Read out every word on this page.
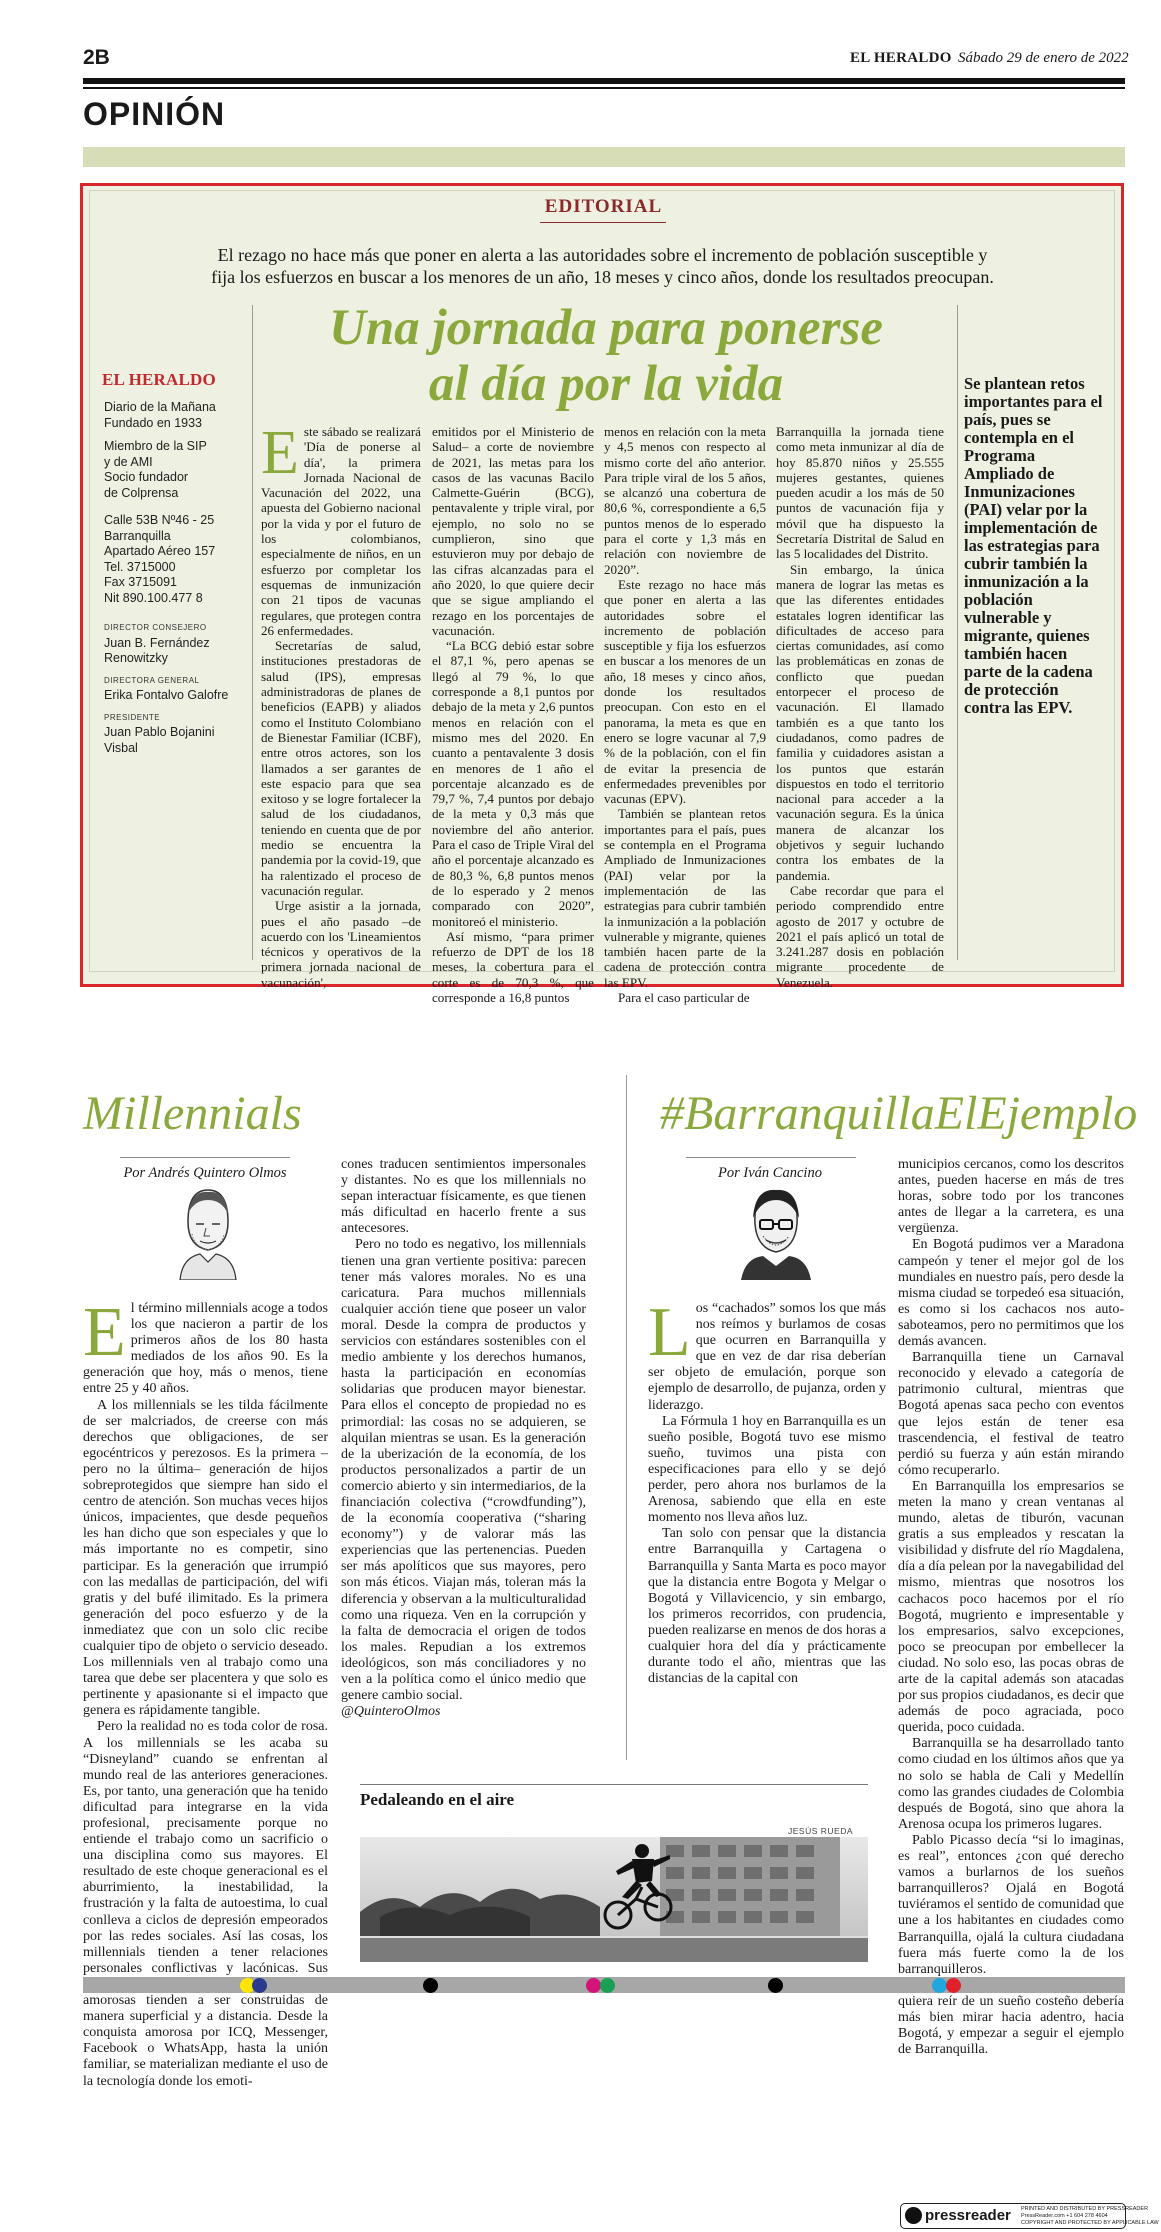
2B	EL HERALDO Sábado 29 de enero de 2022
OPINIÓN
EDITORIAL
El rezago no hace más que poner en alerta a las autoridades sobre el incremento de población susceptible y
fija los esfuerzos en buscar a los menores de un año, 18 meses y cinco años, donde los resultados preocupan.
Una jornada para ponerse
al día por la vida
EL HERALDO
Diario de la Mañana
Fundado en 1933
Miembro de la SIP
y de AMI
Socio fundador
de Colprensa
Calle 53B Nº46 - 25
Barranquilla
Apartado Aéreo 157
Tel. 3715000
Fax 3715091
Nit 890.100.477 8
DIRECTOR CONSEJERO
Juan B. Fernández
Renowitzky
DIRECTORA GENERAL
Erika Fontalvo Galofre
PRESIDENTE
Juan Pablo Bojanini
Visbal
E ste sábado se realizará 'Día de ponerse al día', la primera Jornada Nacional de Vacunación del 2022, una apuesta del Gobierno nacional por la vida y por el futuro de los colombianos, especialmente de niños, en un esfuerzo por completar los esquemas de inmunización con 21 tipos de vacunas regulares, que protegen contra 26 enfermedades.

Secretarías de salud, instituciones prestadoras de salud (IPS), empresas administradoras de planes de beneficios (EAPB) y aliados como el Instituto Colombiano de Bienestar Familiar (ICBF), entre otros actores, son los llamados a ser garantes de este espacio para que sea exitoso y se logre fortalecer la salud de los ciudadanos, teniendo en cuenta que de por medio se encuentra la pandemia por la covid-19, que ha ralentizado el proceso de vacunación regular.

Urge asistir a la jornada, pues el año pasado –de acuerdo con los 'Lineamientos técnicos y operativos de la primera jornada nacional de vacunación',

emitidos por el Ministerio de Salud– a corte de noviembre de 2021, las metas para los casos de las vacunas Bacilo Calmette-Guérin (BCG), pentavalente y triple viral, por ejemplo, no solo no se cumplieron, sino que estuvieron muy por debajo de las cifras alcanzadas para el año 2020, lo que quiere decir que se sigue ampliando el rezago en los porcentajes de vacunación.

“La BCG debió estar sobre el 87,1 %, pero apenas se llegó al 79 %, lo que corresponde a 8,1 puntos por debajo de la meta y 2,6 puntos menos en relación con el mismo mes del 2020. En cuanto a pentavalente 3 dosis en menores de 1 año el porcentaje alcanzado es de 79,7 %, 7,4 puntos por debajo de la meta y 0,3 más que noviembre del año anterior. Para el caso de Triple Viral del año el porcentaje alcanzado es de 80,3 %, 6,8 puntos menos de lo esperado y 2 menos comparado con 2020”, monitoreó el ministerio.

Así mismo, “para primer refuerzo de DPT de los 18 meses, la cobertura para el corte es de 70,3 %, que corresponde a 16,8 puntos

menos en relación con la meta y 4,5 menos con respecto al mismo corte del año anterior. Para triple viral de los 5 años, se alcanzó una cobertura de 80,6 %, correspondiente a 6,5 puntos menos de lo esperado para el corte y 1,3 más en relación con noviembre de 2020”.

Este rezago no hace más que poner en alerta a las autoridades sobre el incremento de población susceptible y fija los esfuerzos en buscar a los menores de un año, 18 meses y cinco años, donde los resultados preocupan. Con esto en el panorama, la meta es que en enero se logre vacunar al 7,9 % de la población, con el fin de evitar la presencia de enfermedades prevenibles por vacunas (EPV).

También se plantean retos importantes para el país, pues se contempla en el Programa Ampliado de Inmunizaciones (PAI) velar por la implementación de las estrategias para cubrir también la inmunización a la población vulnerable y migrante, quienes también hacen parte de la cadena de protección contra las EPV.

Para el caso particular de

Barranquilla la jornada tiene como meta inmunizar al día de hoy 85.870 niños y 25.555 mujeres gestantes, quienes pueden acudir a los más de 50 puntos de vacunación fija y móvil que ha dispuesto la Secretaría Distrital de Salud en las 5 localidades del Distrito.

Sin embargo, la única manera de lograr las metas es que las diferentes entidades estatales logren identificar las dificultades de acceso para ciertas comunidades, así como las problemáticas en zonas de conflicto que puedan entorpecer el proceso de vacunación. El llamado también es a que tanto los ciudadanos, como padres de familia y cuidadores asistan a los puntos que estarán dispuestos en todo el territorio nacional para acceder a la vacunación segura. Es la única manera de alcanzar los objetivos y seguir luchando contra los embates de la pandemia.

Cabe recordar que para el periodo comprendido entre agosto de 2017 y octubre de 2021 el país aplicó un total de 3.241.287 dosis en población migrante procedente de Venezuela.

Se plantean retos importantes para el país, pues se contempla en el Programa Ampliado de Inmunizaciones (PAI) velar por la implementación de las estrategias para cubrir también la inmunización a la población vulnerable y migrante, quienes también hacen parte de la cadena de protección contra las EPV.
Millennials
Por Andrés Quintero Olmos
E l término millennials acoge a todos los que nacieron a partir de los primeros años de los 80 hasta mediados de los años 90. Es la generación que hoy, más o menos, tiene entre 25 y 40 años.

A los millennials se les tilda fácilmente de ser malcriados, de creerse con más derechos que obligaciones, de ser egocéntricos y perezosos. Es la primera –pero no la última– generación de hijos sobreprotegidos que siempre han sido el centro de atención. Son muchas veces hijos únicos, impacientes, que desde pequeños les han dicho que son especiales y que lo más importante no es competir, sino participar. Es la generación que irrumpió con las medallas de participación, del wifi gratis y del bufé ilimitado. Es la primera generación del poco esfuerzo y de la inmediatez que con un solo clic recibe cualquier tipo de objeto o servicio deseado. Los millennials ven al trabajo como una tarea que debe ser placentera y que solo es pertinente y apasionante si el impacto que genera es rápidamente tangible.

Pero la realidad no es toda color de rosa. A los millennials se les acaba su “Disneyland” cuando se enfrentan al mundo real de las anteriores generaciones. Es, por tanto, una generación que ha tenido dificultad para integrarse en la vida profesional, precisamente porque no entiende el trabajo como un sacrificio o una disciplina como sus mayores. El resultado de este choque generacional es el aburrimiento, la inestabilidad, la frustración y la falta de autoestima, lo cual conlleva a ciclos de depresión empeorados por las redes sociales. Así las cosas, los millennials tienden a tener relaciones personales conflictivas y lacónicas. Sus amorosas tienden a ser construidas de manera superficial y a distancia. Desde la conquista amorosa por ICQ, Messenger, Facebook o WhatsApp, hasta la unión familiar, se materializan mediante el uso de la tecnología donde los emoti-

cones traducen sentimientos impersonales y distantes. No es que los millennials no sepan interactuar físicamente, es que tienen más dificultad en hacerlo frente a sus antecesores.

Pero no todo es negativo, los millennials tienen una gran vertiente positiva: parecen tener más valores morales. No es una caricatura. Para muchos millennials cualquier acción tiene que poseer un valor moral. Desde la compra de productos y servicios con estándares sostenibles con el medio ambiente y los derechos humanos, hasta la participación en economías solidarias que producen mayor bienestar. Para ellos el concepto de propiedad no es primordial: las cosas no se adquieren, se alquilan mientras se usan. Es la generación de la uberización de la economía, de los productos personalizados a partir de un comercio abierto y sin intermediarios, de la financiación colectiva (“crowdfunding”), de la economía cooperativa (“sharing economy”) y de valorar más las experiencias que las pertenencias. Pueden ser más apolíticos que sus mayores, pero son más éticos. Viajan más, toleran más la diferencia y observan a la multiculturalidad como una riqueza. Ven en la corrupción y la falta de democracia el origen de todos los males. Repudian a los extremos ideológicos, son más conciliadores y no ven a la política como el único medio que genere cambio social.

@QuinteroOlmos

#BarranquillaElEjemplo
Por Iván Cancino
L os “cachados” somos los que más nos reímos y burlamos de cosas que ocurren en Barranquilla y que en vez de dar risa deberían ser objeto de emulación, porque son ejemplo de desarrollo, de pujanza, orden y liderazgo.

La Fórmula 1 hoy en Barranquilla es un sueño posible, Bogotá tuvo ese mismo sueño, tuvimos una pista con especificaciones para ello y se dejó perder, pero ahora nos burlamos de la Arenosa, sabiendo que ella en este momento nos lleva años luz.

Tan solo con pensar que la distancia entre Barranquilla y Cartagena o Barranquilla y Santa Marta es poco mayor que la distancia entre Bogota y Melgar o Bogotá y Villavicencio, y sin embargo, los primeros recorridos, con prudencia, pueden realizarse en menos de dos horas a cualquier hora del día y prácticamente durante todo el año, mientras que las distancias de la capital con

municipios cercanos, como los descritos antes, pueden hacerse en más de tres horas, sobre todo por los trancones antes de llegar a la carretera, es una vergüenza.

En Bogotá pudimos ver a Maradona campeón y tener el mejor gol de los mundiales en nuestro país, pero desde la misma ciudad se torpedeó esa situación, es como si los cachacos nos auto-saboteamos, pero no permitimos que los demás avancen.

Barranquilla tiene un Carnaval reconocido y elevado a categoría de patrimonio cultural, mientras que Bogotá apenas saca pecho con eventos que lejos están de tener esa trascendencia, el festival de teatro perdió su fuerza y aún están mirando cómo recuperarlo.

En Barranquilla los empresarios se meten la mano y crean ventanas al mundo, aletas de tiburón, vacunan gratis a sus empleados y rescatan la visibilidad y disfrute del río Magdalena, día a día pelean por la navegabilidad del mismo, mientras que nosotros los cachacos poco hacemos por el río Bogotá, mugriento e impresentable y los empresarios, salvo excepciones, poco se preocupan por embellecer la ciudad. No solo eso, las pocas obras de arte de la capital además son atacadas por sus propios ciudadanos, es decir que además de poco agraciada, poco querida, poco cuidada.

Barranquilla se ha desarrollado tanto como ciudad en los últimos años que ya no solo se habla de Cali y Medellín como las grandes ciudades de Colombia después de Bogotá, sino que ahora la Arenosa ocupa los primeros lugares.

Pablo Picasso decía “si lo imaginas, es real”, entonces ¿con qué derecho vamos a burlarnos de los sueños barranquilleros? Ojalá en Bogotá tuviéramos el sentido de comunidad que une a los habitantes en ciudades como Barranquilla, ojalá la cultura ciudadana fuera más fuerte como la de los barranquilleros.

quiera reír de un sueño costeño debería más bien mirar hacia adentro, hacia Bogotá, y empezar a seguir el ejemplo de Barranquilla.

Pedaleando en el aire
JESÚS RUEDA
pressreader PRINTED AND DISTRIBUTED BY PRESSREADER
PressReader.com +1 604 278 4604
COPYRIGHT AND PROTECTED BY APPLICABLE LAW
